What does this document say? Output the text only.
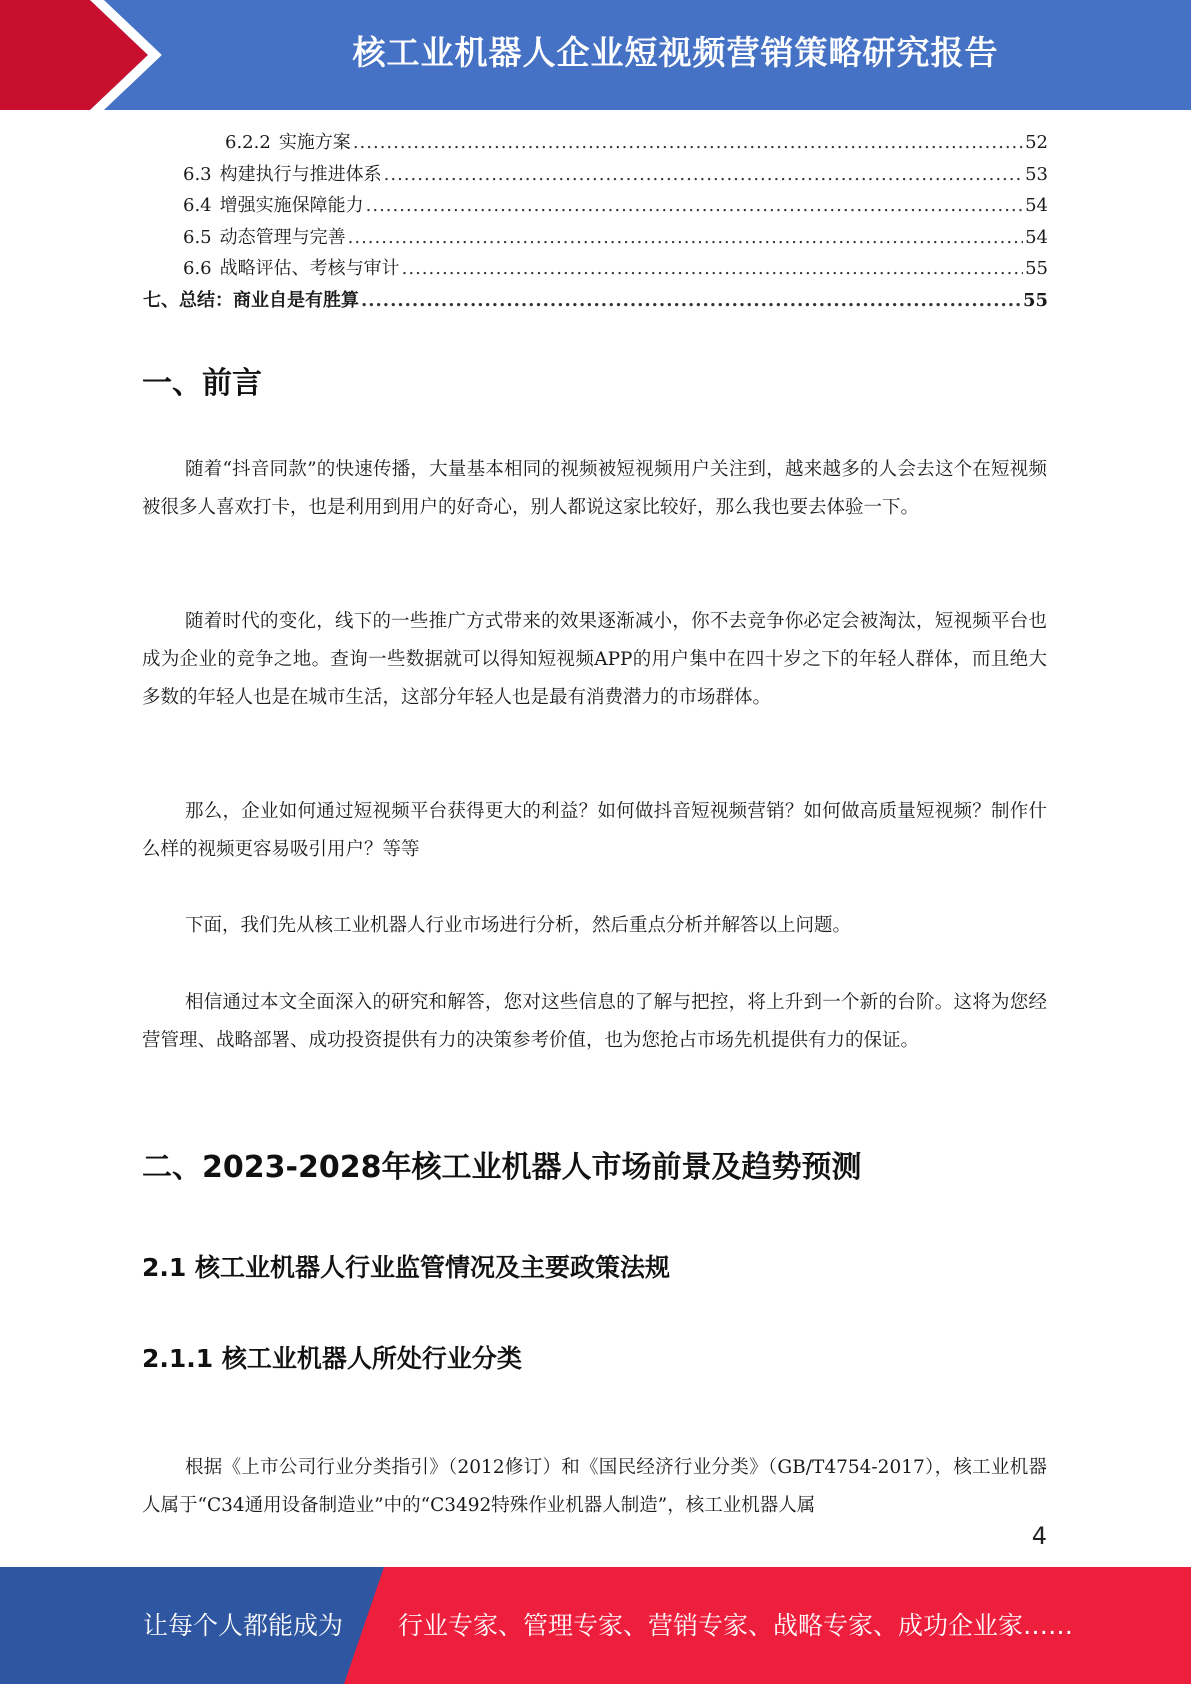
核工业机器人企业短视频营销策略研究报告
6.2.2 实施方案 .....	52
6.3 构建执行与推进体系 .....	53
6.4 增强实施保障能力 .....	54
6.5 动态管理与完善 .....	54
6.6 战略评估、考核与审计 .....	55
七、总结：商业自是有胜算 .....	55
一、前言

随着“抖音同款”的快速传播，大量基本相同的视频被短视频用户关注到，越来越多的人会去这个在短视频被很多人喜欢打卡，也是利用到用户的好奇心，别人都说这家比较好，那么我也要去体验一下。

随着时代的变化，线下的一些推广方式带来的效果逐渐减小，你不去竞争你必定会被淘汰，短视频平台也成为企业的竞争之地。查询一些数据就可以得知短视频APP的用户集中在四十岁之下的年轻人群体，而且绝大多数的年轻人也是在城市生活，这部分年轻人也是最有消费潜力的市场群体。

那么，企业如何通过短视频平台获得更大的利益？如何做抖音短视频营销？如何做高质量短视频？制作什么样的视频更容易吸引用户？等等

下面，我们先从核工业机器人行业市场进行分析，然后重点分析并解答以上问题。

相信通过本文全面深入的研究和解答，您对这些信息的了解与把控，将上升到一个新的台阶。这将为您经营管理、战略部署、成功投资提供有力的决策参考价值，也为您抢占市场先机提供有力的保证。

二、2023-2028年核工业机器人市场前景及趋势预测
2.1 核工业机器人行业监管情况及主要政策法规
2.1.1 核工业机器人所处行业分类

根据《上市公司行业分类指引》（2012修订）和《国民经济行业分类》（GB/T4754-2017），核工业机器人属于“C34通用设备制造业”中的“C3492特殊作业机器人制造”，核工业机器人属

4
让每个人都能成为 行业专家、管理专家、营销专家、战略专家、成功企业家……
